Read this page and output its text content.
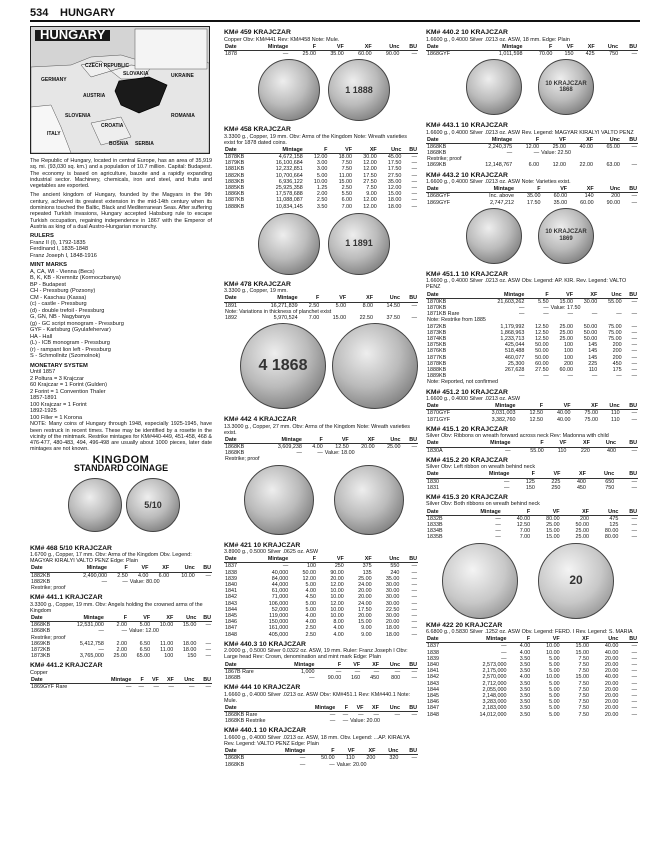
534 HUNGARY
HUNGARY
CZECH REPUBLIC
SLOVAKIA	UKRAINE
GERMANY
AUSTRIA
SLOVENIA	ROMANIA
ITALY
CROATIA
BOSNIA SERBIA

The Republic of Hungary, located in central Europe, has an area of 35,919 sq. mi. (93,030 sq. km.) and a population of 10.7 million. Capital: Budapest. The economy is based on agriculture, bauxite and a rapidly expanding industrial sector. Machinery, chemicals, iron and steel, and fruits and vegetables are exported.

The ancient kingdom of Hungary, founded by the Magyars in the 9th century, achieved its greatest extension in the mid-14th century when its dominions touched the Baltic, Black and Mediterranean Seas. After suffering repeated Turkish invasions, Hungary accepted Habsburg rule to escape Turkish occupation, regaining independence in 1867 with the Emperor of Austria as king of a dual Austro-Hungarian monarchy.

RULERS
Franz II (I), 1792-1835
Ferdinand I, 1835-1848
Franz Joseph I, 1848-1916
MINT MARKS
A, CA, WI - Vienna (Becs)
B, K, KB - Kremnitz (Kormoczbanya)
BP - Budapest
CH - Pressburg (Pozsony)
CM - Kaschau (Kassa)
(c) - castle - Pressburg
(d) - double trefoil - Pressburg
G, GN, NB - Nagybanya
(g) - GC script monogram - Pressburg
GYF - Karlsburg (Gyulafehervar)
HA - Hall
(L) - ICB monogram - Pressburg
(r) - rampant lion left - Pressburg
S - Schmollnitz (Szomolnok)
MONETARY SYSTEM
Until 1857
2 Poltura = 3 Krajczar
60 Krajczar = 1 Forint (Gulden)
2 Forint = 1 Convention Thaler
1857-1891
100 Krajczar = 1 Forint
1892-1925
100 Filler = 1 Korona

NOTE: Many coins of Hungary through 1948, especially 1925-1945, have been restruck in recent times. These may be identified by a rosette in the vicinity of the mintmark. Restrike mintages for KM#440-449, 451-458, 468 & 476-477, 480-483, 494, 496-498 are usually about 1000 pieces, later date mintages are not known.

KINGDOM
STANDARD COINAGE
5/10
KM# 468 5/10 KRAJCZAR
1.6700 g., Copper, 17 mm. Obv: Arms of the Kingdom Obv. Legend: MAGYAR KIRALYI VALTO PENZ Edge: Plain
Date	Mintage	F	VF	XF	Unc	BU
1882KB	2,490,000	2.50	4.00	6.00	10.00	—
1882KB	—	—	Value: 80.00			
Restrike; proof						
KM# 441.1 KRAJCZAR
3.3300 g., Copper, 19 mm. Obv: Angels holding the crowned arms of the Kingdom
Date	Mintage	F	VF	XF	Unc	BU
1868KB	12,531,000	2.00	5.00	10.00	15.00	—
1868KB	—	—	Value: 12.00			
Restrike; proof						
1869KB	5,412,758	2.00	6.50	11.00	18.00	—
1872KB	—	2.00	6.50	11.00	18.00	—
1873KB	3,765,000	25.00	65.00	100	150	—
KM# 441.2 KRAJCZAR
Copper
Date	Mintage	F	VF	XF	Unc	BU
1869GYF Rare	—	—	—	—	—	—
KM# 459 KRAJCZAR
Copper Obv: KM#441 Rev: KM#458 Note: Mule.
Date	Mintage	F	VF	XF	Unc	BU
1878	—	25.00	35.00	60.00	90.00	—
1 1888
KM# 458 KRAJCZAR
3.3300 g., Copper, 19 mm. Obv: Arms of the Kingdom Note: Wreath varieties exist for 1878 dated coins.
Date	Mintage	F	VF	XF	Unc	BU
1878KB	4,672,158	12.00	18.00	30.00	45.00	—
1879KB	16,100,684	3.00	7.50	12.00	17.50	—
1881KB	12,232,851	3.00	7.50	12.00	17.50	—
1882KB	10,700,664	5.00	11.00	17.50	27.50	—
1883KB	6,936,122	10.00	15.00	27.50	35.00	—
1885KB	25,925,358	1.25	2.50	7.50	12.00	—
1886KB	17,578,688	2.00	5.50	9.00	15.00	—
1887KB	11,088,087	2.50	6.00	12.00	18.00	—
1888KB	10,834,145	3.50	7.00	12.00	18.00	—
1 1891
KM# 478 KRAJCZAR
3.3300 g., Copper, 19 mm.
Date	Mintage	F	VF	XF	Unc	BU
1891	16,271,839	2.50	5.00	8.00	14.50	—
Note: Variations in thickness of planchet exist						
1892	5,970,524	7.00	15.00	22.50	37.50	—
4 1868
KM# 442 4 KRAJCZAR
13.3000 g., Copper, 27 mm. Obv: Arms of the Kingdom Note: Wreath varieties exist.
Date	Mintage	F	VF	XF	Unc	BU
1868KB	3,609,238	4.00	12.50	20.00	25.00	—
1868KB	—	—	Value: 18.00			
Restrike; proof						
KM# 421 10 KRAJCZAR
3.8900 g., 0.5000 Silver .0625 oz. ASW
Date	Mintage	F	VF	XF	Unc	BU
1837	—	100	250	375	550	—
1838	40,000	50.00	90.00	135	240	—
1839	84,000	12.00	20.00	25.00	35.00	—
1840	44,000	5.00	12.00	24.00	30.00	—
1841	61,000	4.00	10.00	20.00	30.00	—
1842	71,000	4.50	10.00	20.00	30.00	—
1843	106,000	5.00	12.00	24.00	30.00	—
1844	52,000	5.00	10.00	17.50	22.50	—
1845	119,000	4.00	10.00	20.00	30.00	—
1846	150,000	4.00	8.00	15.00	20.00	—
1847	161,000	2.50	4.00	9.00	18.00	—
1848	405,000	2.50	4.00	9.00	18.00	—
KM# 440.3 10 KRAJCZAR
2.0000 g., 0.5000 Silver 0.0322 oz. ASW, 19 mm. Ruler: Franz Joseph I Obv: Large head Rev: Crown, denomination and mint mark Edge: Plain
Date	Mintage	F	VF	XF	Unc	BU
1867B Rare	1,000	—	—	—	—	—
1868B	—	90.00	160	450	800	—
KM# 444 10 KRAJCZAR
1.6660 g., 0.4000 Silver .0213 oz. ASW Obv: KM#451.1 Rev: KM#440.1 Note: Mule.
Date	Mintage	F	VF	XF	Unc	BU
1868KB Rare	—	—	—	—	—	—
1868KB Restrike	—	—	Value: 20.00			
KM# 440.1 10 KRAJCZAR
1.6600 g., 0.4000 Silver .0213 oz. ASW, 18 mm. Obv. Legend: ...AP. KIRALYA Rev. Legend: VALTO PENZ Edge: Plain
Date	Mintage	F	VF	XF	Unc	BU
1868KB	—	50.00	110	200	320	—
1868KB	—	—	Value: 20.00			
KM# 440.2 10 KRAJCZAR
1.6600 g., 0.4000 Silver .0213 oz. ASW, 18 mm. Edge: Plain
Date	Mintage	F	VF	XF	Unc	BU
1868GYF	1,011,598	70.00	150	425	750	—
10 KRAJCZAR 1868
KM# 443.1 10 KRAJCZAR
1.6600 g., 0.4000 Silver .0213 oz. ASW Rev. Legend: MAGYAR KIRALYI VALTO PENZ
Date	Mintage	F	VF	XF	Unc	BU
1868KB	2,240,375	12.00	25.00	40.00	65.00	—
1868KB	—	—	Value: 22.50			
Restrike; proof						
1869KB	12,148,767	6.00	12.00	22.00	63.00	—
KM# 443.2 10 KRAJCZAR
1.6600 g., 0.4000 Silver .0213 oz. ASW Note: Varieties exist.
Date	Mintage	F	VF	XF	Unc	BU
1868GYF	Inc. above	35.00	60.00	140	200	—
1869GYF	2,747,212	17.50	35.00	60.00	90.00	—
10 KRAJCZAR 1869
KM# 451.1 10 KRAJCZAR
1.6600 g., 0.4000 Silver .0213 oz. ASW Obv. Legend: AP. KIR. Rev. Legend: VALTO PENZ
Date	Mintage	F	VF	XF	Unc	BU
1870KB	21,603,262	5.50	15.00	30.00	55.00	—
1870KB	—	—	Value: 17.50			
1871KB Rare	—	—	—	—	—	—
Note: Restrike from 1885						
1872KB	1,179,992	12.50	25.00	50.00	75.00	—
1873KB	1,868,963	12.50	25.00	50.00	75.00	—
1874KB	1,233,713	12.50	25.00	50.00	75.00	—
1875KB	425,044	50.00	100	145	200	—
1876KB	518,488	50.00	100	145	200	—
1877KB	460,077	50.00	100	145	200	—
1878KB	25,300	60.00	200	225	450	—
1888KB	267,628	27.50	60.00	110	175	—
1889KB	—	—	—	—	—	—
Note: Reported, not confirmed						
KM# 451.2 10 KRAJCZAR
1.6600 g., 0.4000 Silver .0213 oz. ASW
Date	Mintage	F	VF	XF	Unc	BU
1870GYF	3,031,003	12.50	40.00	75.00	110	—
1871GYF	3,382,760	12.50	40.00	75.00	110	—
KM# 415.1 20 KRAJCZAR
Silver Obv: Ribbons on wreath forward across neck Rev: Madonna with child
Date	Mintage	F	VF	XF	Unc	BU
1830A	—	55.00	110	220	400	—
KM# 415.2 20 KRAJCZAR
Silver Obv: Left ribbon on wreath behind neck
Date	Mintage	F	VF	XF	Unc	BU
1830	—	125	225	400	650	—
1831	—	150	250	450	750	—
KM# 415.3 20 KRAJCZAR
Silver Obv: Both ribbons on wreath behind neck
Date	Mintage	F	VF	XF	Unc	BU
1832B	—	40.00	80.00	200	475	—
1833B	—	12.50	25.00	50.00	125	—
1834B	—	7.00	15.00	25.00	80.00	—
1835B	—	7.00	15.00	25.00	80.00	—
20
KM# 422 20 KRAJCZAR
6.6800 g., 0.5830 Silver .1252 oz. ASW Obv. Legend: FERD. I Rev. Legend: S. MARIA
Date	Mintage	F	VF	XF	Unc	BU
1837	—	4.00	10.00	15.00	40.00	—
1838	—	4.00	10.00	15.00	40.00	—
1839	—	3.50	5.00	7.50	20.00	—
1840	2,573,000	3.50	5.00	7.50	20.00	—
1841	2,175,000	3.50	5.00	7.50	20.00	—
1842	2,570,000	4.00	10.00	15.00	40.00	—
1843	2,712,000	3.50	5.00	7.50	20.00	—
1844	2,055,000	3.50	5.00	7.50	20.00	—
1845	2,148,000	3.50	5.00	7.50	20.00	—
1846	3,283,000	3.50	5.00	7.50	20.00	—
1847	2,183,000	3.50	5.00	7.50	20.00	—
1848	14,012,000	3.50	5.00	7.50	20.00	—
